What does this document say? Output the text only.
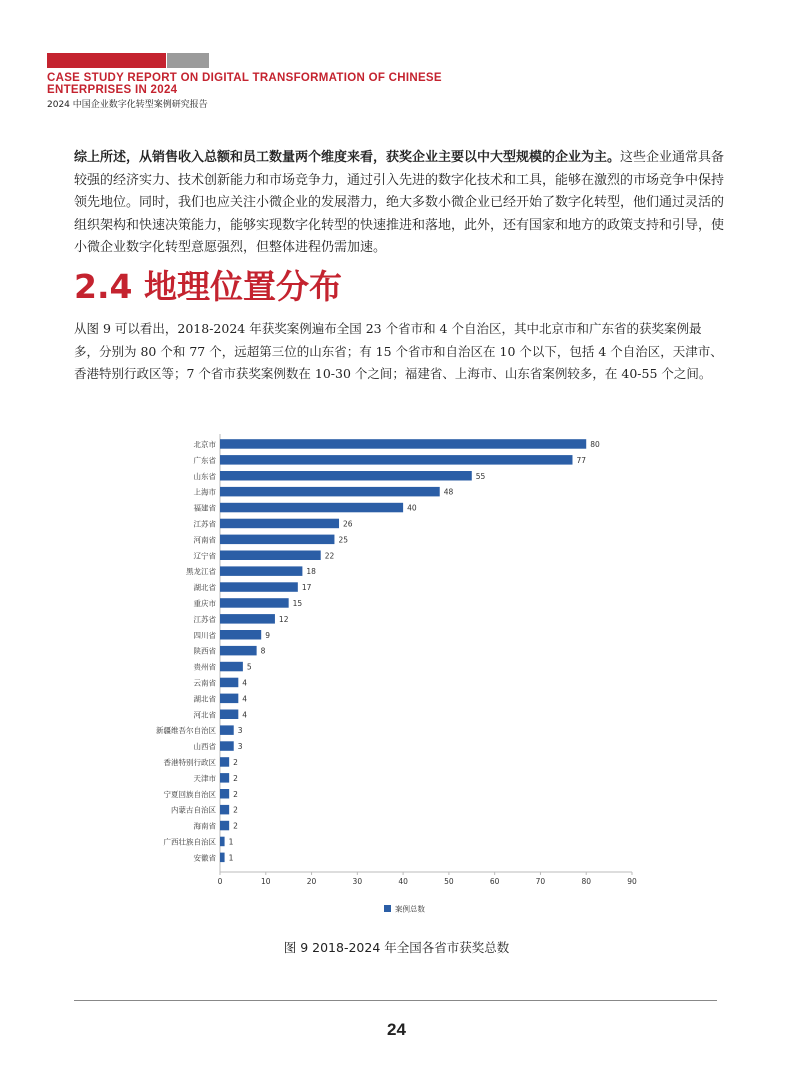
CASE STUDY REPORT ON DIGITAL TRANSFORMATION OF CHINESE ENTERPRISES IN 2024
2024 中国企业数字化转型案例研究报告

综上所述，从销售收入总额和员工数量两个维度来看，获奖企业主要以中大型规模的企业为主。这些企业通常具备较强的经济实力、技术创新能力和市场竞争力，通过引入先进的数字化技术和工具，能够在激烈的市场竞争中保持领先地位。同时，我们也应关注小微企业的发展潜力，绝大多数小微企业已经开始了数字化转型，他们通过灵活的组织架构和快速决策能力，能够实现数字化转型的快速推进和落地，此外，还有国家和地方的政策支持和引导，使小微企业数字化转型意愿强烈，但整体进程仍需加速。

2.4 地理位置分布

从图 9 可以看出，2018-2024 年获奖案例遍布全国 23 个省市和 4 个自治区，其中北京市和广东省的获奖案例最多，分别为 80 个和 77 个，远超第三位的山东省；有 15 个省市和自治区在 10 个以下，包括 4 个自治区，天津市、香港特别行政区等；7 个省市获奖案例数在 10-30 个之间；福建省、上海市、山东省案例较多，在 40-55 个之间。

北京市	80
广东省	77
山东省	55
上海市	48
福建省	40
江苏省	26
河南省	25
辽宁省	22
黑龙江省	18
湖北省	17
重庆市	15
江苏省	12
四川省	9
陕西省	8
贵州省	5
云南省	4
湖北省	4
河北省	4
新疆维吾尔自治区	3
山西省	3
香港特别行政区 2
天津市 2
宁夏回族自治区 2
内蒙古自治区 2
海南省 2
广西壮族自治区 1
安徽省 1
0	10	20	30	40	50	60	70	80	90
案例总数
图 9 2018-2024 年全国各省市获奖总数
24
